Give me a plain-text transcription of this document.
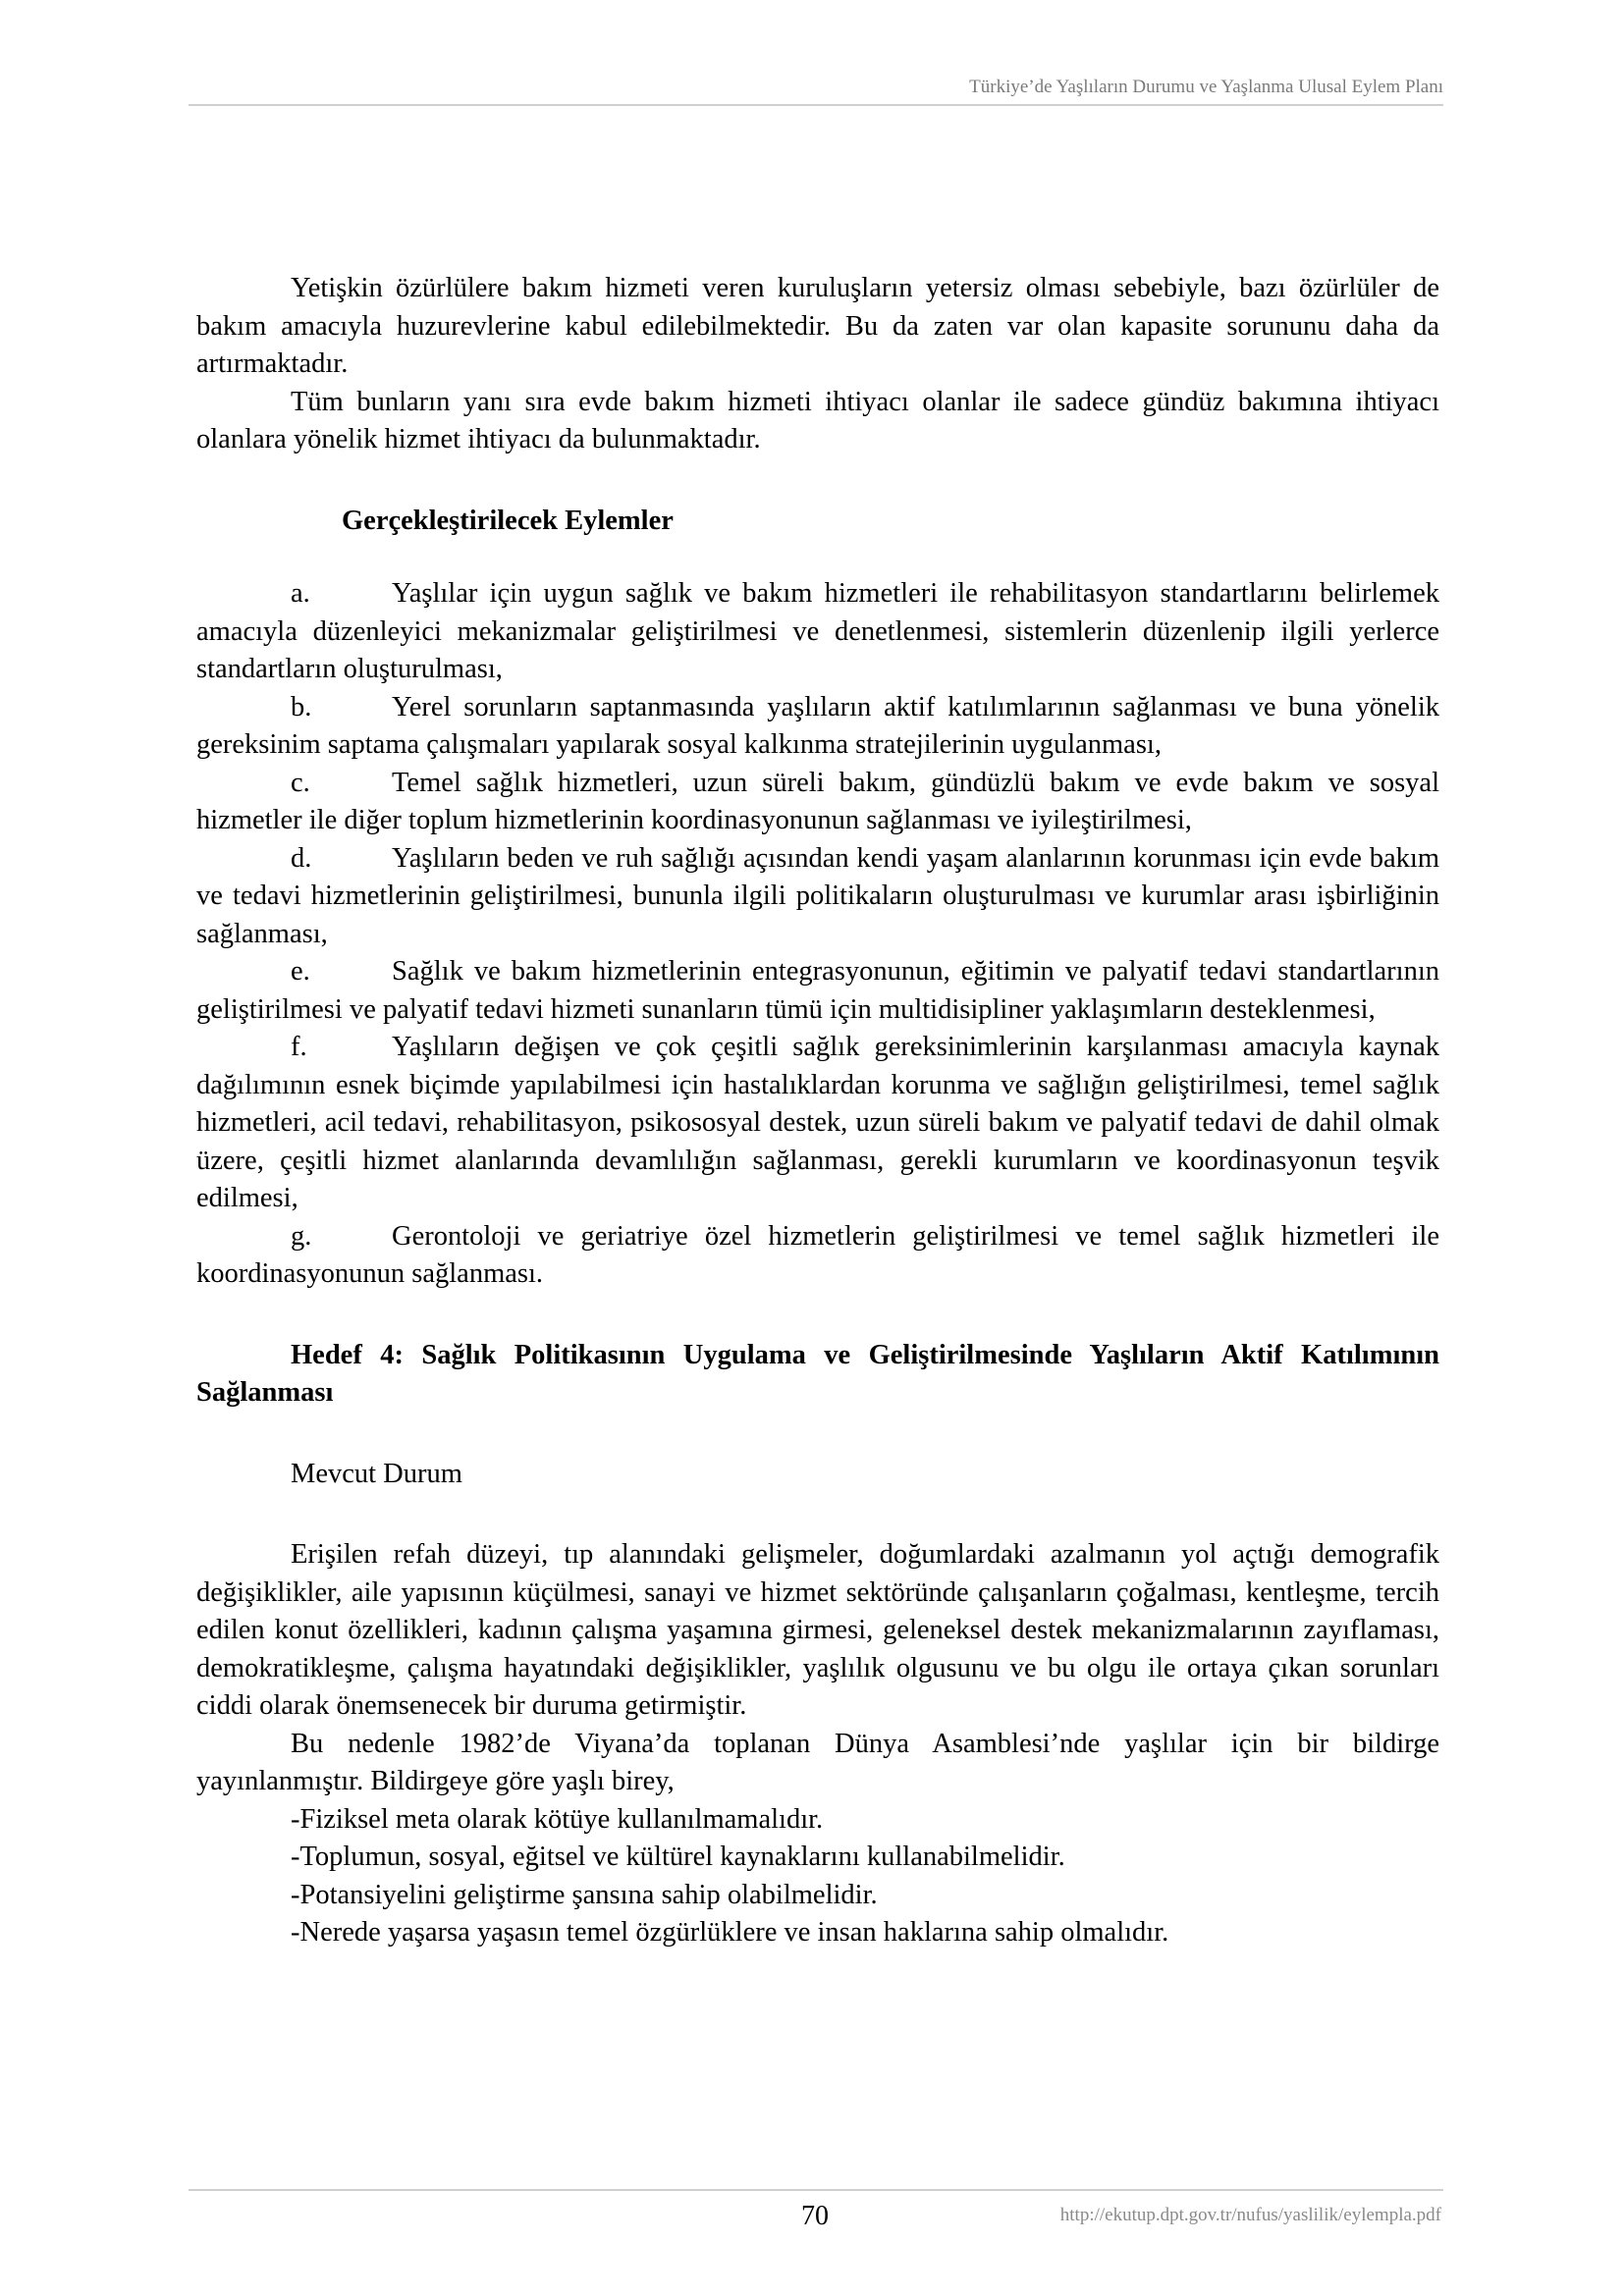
Türkiye’de Yaşlıların Durumu ve Yaşlanma Ulusal Eylem Planı

Yetişkin özürlülere bakım hizmeti veren kuruluşların yetersiz olması sebebiyle, bazı özürlüler de bakım amacıyla huzurevlerine kabul edilebilmektedir. Bu da zaten var olan kapasite sorununu daha da artırmaktadır.

Tüm bunların yanı sıra evde bakım hizmeti ihtiyacı olanlar ile sadece gündüz bakımına ihtiyacı olanlara yönelik hizmet ihtiyacı da bulunmaktadır.

Gerçekleştirilecek Eylemler

a.	Yaşlılar için uygun sağlık ve bakım hizmetleri ile rehabilitasyon standartlarını belirlemek amacıyla düzenleyici mekanizmalar geliştirilmesi ve denetlenmesi, sistemlerin düzenlenip ilgili yerlerce standartların oluşturulması,

b.	Yerel sorunların saptanmasında yaşlıların aktif katılımlarının sağlanması ve buna yönelik gereksinim saptama çalışmaları yapılarak sosyal kalkınma stratejilerinin uygulanması,

c.	Temel sağlık hizmetleri, uzun süreli bakım, gündüzlü bakım ve evde bakım ve sosyal hizmetler ile diğer toplum hizmetlerinin koordinasyonunun sağlanması ve iyileştirilmesi,

d.	Yaşlıların beden ve ruh sağlığı açısından kendi yaşam alanlarının korunması için evde bakım ve tedavi hizmetlerinin geliştirilmesi, bununla ilgili politikaların oluşturulması ve kurumlar arası işbirliğinin sağlanması,

e.	Sağlık ve bakım hizmetlerinin entegrasyonunun, eğitimin ve palyatif tedavi standartlarının geliştirilmesi ve palyatif tedavi hizmeti sunanların tümü için multidisipliner yaklaşımların desteklenmesi,

f.	Yaşlıların değişen ve çok çeşitli sağlık gereksinimlerinin karşılanması amacıyla kaynak dağılımının esnek biçimde yapılabilmesi için hastalıklardan korunma ve sağlığın geliştirilmesi, temel sağlık hizmetleri, acil tedavi, rehabilitasyon, psikososyal destek, uzun süreli bakım ve palyatif tedavi de dahil olmak üzere, çeşitli hizmet alanlarında devamlılığın sağlanması, gerekli kurumların ve koordinasyonun teşvik edilmesi,

g.	Gerontoloji ve geriatriye özel hizmetlerin geliştirilmesi ve temel sağlık hizmetleri ile koordinasyonunun sağlanması.

Hedef 4: Sağlık Politikasının Uygulama ve Geliştirilmesinde Yaşlıların Aktif Katılımının Sağlanması

Mevcut Durum

Erişilen refah düzeyi, tıp alanındaki gelişmeler, doğumlardaki azalmanın yol açtığı demografik değişiklikler, aile yapısının küçülmesi, sanayi ve hizmet sektöründe çalışanların çoğalması, kentleşme, tercih edilen konut özellikleri, kadının çalışma yaşamına girmesi, geleneksel destek mekanizmalarının zayıflaması, demokratikleşme, çalışma hayatındaki değişiklikler, yaşlılık olgusunu ve bu olgu ile ortaya çıkan sorunları ciddi olarak önemsenecek bir duruma getirmiştir.

Bu nedenle 1982’de Viyana’da toplanan Dünya Asamblesi’nde yaşlılar için bir bildirge yayınlanmıştır. Bildirgeye göre yaşlı birey,

-Fiziksel meta olarak kötüye kullanılmamalıdır.

-Toplumun, sosyal, eğitsel ve kültürel kaynaklarını kullanabilmelidir.

-Potansiyelini geliştirme şansına sahip olabilmelidir.

-Nerede yaşarsa yaşasın temel özgürlüklere ve insan haklarına sahip olmalıdır.

70	http://ekutup.dpt.gov.tr/nufus/yaslilik/eylempla.pdf
